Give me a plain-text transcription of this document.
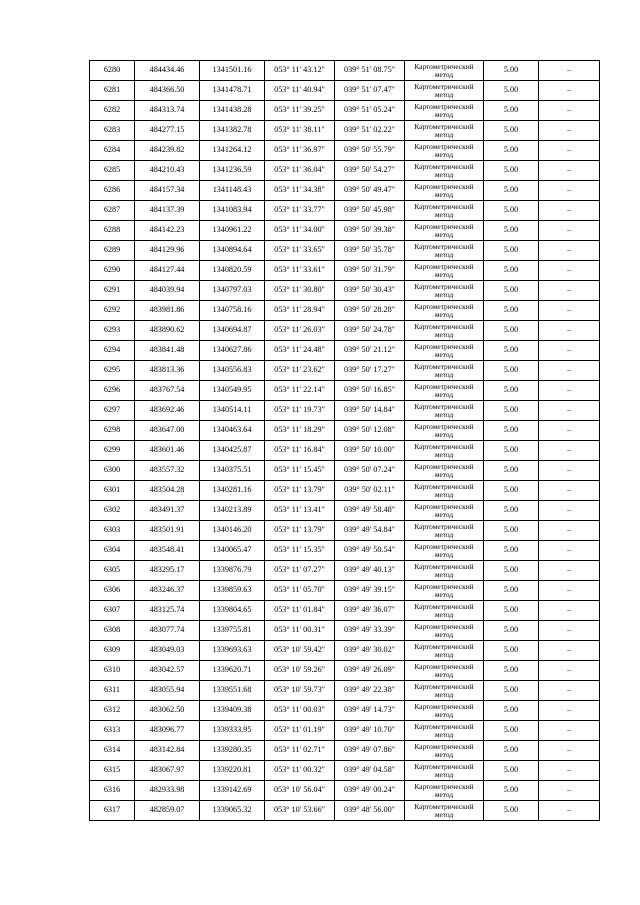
6280	484434.46	1341501.16	053° 11' 43.12"	039° 51' 08.75"	Картометрический метод	5.00	–
6281	484366.50	1341478.71	053° 11' 40.94"	039° 51' 07.47"	Картометрический метод	5.00	–
6282	484313.74	1341438.28	053° 11' 39.25"	039° 51' 05.24"	Картометрический метод	5.00	–
6283	484277.15	1341382.78	053° 11' 38.11"	039° 51' 02.22"	Картометрический метод	5.00	–
6284	484239.82	1341264.12	053° 11' 36.97"	039° 50' 55.79"	Картометрический метод	5.00	–
6285	484210.43	1341236.59	053° 11' 36.04"	039° 50' 54.27"	Картометрический метод	5.00	–
6286	484157.34	1341148.43	053° 11' 34.38"	039° 50' 49.47"	Картометрический метод	5.00	–
6287	484137.39	1341083.94	053° 11' 33.77"	039° 50' 45.98"	Картометрический метод	5.00	–
6288	484142.23	1340961.22	053° 11' 34.00"	039° 50' 39.38"	Картометрический метод	5.00	–
6289	484129.96	1340894.64	053° 11' 33.65"	039° 50' 35.78"	Картометрический метод	5.00	–
6290	484127.44	1340820.59	053° 11' 33.61"	039° 50' 31.79"	Картометрический метод	5.00	–
6291	484039.94	1340797.03	053° 11' 30.80"	039° 50' 30.43"	Картометрический метод	5.00	–
6292	483981.86	1340758.16	053° 11' 28.94"	039° 50' 28.28"	Картометрический метод	5.00	–
6293	483890.62	1340694.87	053° 11' 26.03"	039° 50' 24.78"	Картометрический метод	5.00	–
6294	483841.48	1340627.86	053° 11' 24.48"	039° 50' 21.12"	Картометрический метод	5.00	–
6295	483813.36	1340556.83	053° 11' 23.62"	039° 50' 17.27"	Картометрический метод	5.00	–
6296	483767.54	1340549.95	053° 11' 22.14"	039° 50' 16.85"	Картометрический метод	5.00	–
6297	483692.46	1340514.11	053° 11' 19.73"	039° 50' 14.84"	Картометрический метод	5.00	–
6298	483647.00	1340463.64	053° 11' 18.29"	039° 50' 12.08"	Картометрический метод	5.00	–
6299	483601.46	1340425.87	053° 11' 16.84"	039° 50' 10.00"	Картометрический метод	5.00	–
6300	483557.32	1340375.51	053° 11' 15.45"	039° 50' 07.24"	Картометрический метод	5.00	–
6301	483504.28	1340281.16	053° 11' 13.79"	039° 50' 02.11"	Картометрический метод	5.00	–
6302	483491.37	1340213.89	053° 11' 13.41"	039° 49' 58.48"	Картометрический метод	5.00	–
6303	483501.91	1340146.20	053° 11' 13.79"	039° 49' 54.84"	Картометрический метод	5.00	–
6304	483548.41	1340065.47	053° 11' 15.35"	039° 49' 50.54"	Картометрический метод	5.00	–
6305	483295.17	1339876.79	053° 11' 07.27"	039° 49' 40.13"	Картометрический метод	5.00	–
6306	483246.37	1339859.63	053° 11' 05.70"	039° 49' 39.15"	Картометрический метод	5.00	–
6307	483125.74	1339804.65	053° 11' 01.84"	039° 49' 36.07"	Картометрический метод	5.00	–
6308	483077.74	1339755.81	053° 11' 00.31"	039° 49' 33.39"	Картометрический метод	5.00	–
6309	483049.03	1339693.63	053° 10' 59.42"	039° 49' 30.02"	Картометрический метод	5.00	–
6310	483042.57	1339620.71	053° 10' 59.26"	039° 49' 26.09"	Картометрический метод	5.00	–
6311	483055.94	1339551.68	053° 10' 59.73"	039° 49' 22.38"	Картометрический метод	5.00	–
6312	483062.50	1339409.38	053° 11' 00.03"	039° 49' 14.73"	Картометрический метод	5.00	–
6313	483096.77	1339333.95	053° 11' 01.19"	039° 49' 10.70"	Картометрический метод	5.00	–
6314	483142.84	1339280.35	053° 11' 02.71"	039° 49' 07.86"	Картометрический метод	5.00	–
6315	483067.97	1339220.81	053° 11' 00.32"	039° 49' 04.58"	Картометрический метод	5.00	–
6316	482933.98	1339142.69	053° 10' 56.04"	039° 49' 00.24"	Картометрический метод	5.00	–
6317	482859.07	1339065.32	053° 10' 53.66"	039° 48' 56.00"	Картометрический метод	5.00	–
